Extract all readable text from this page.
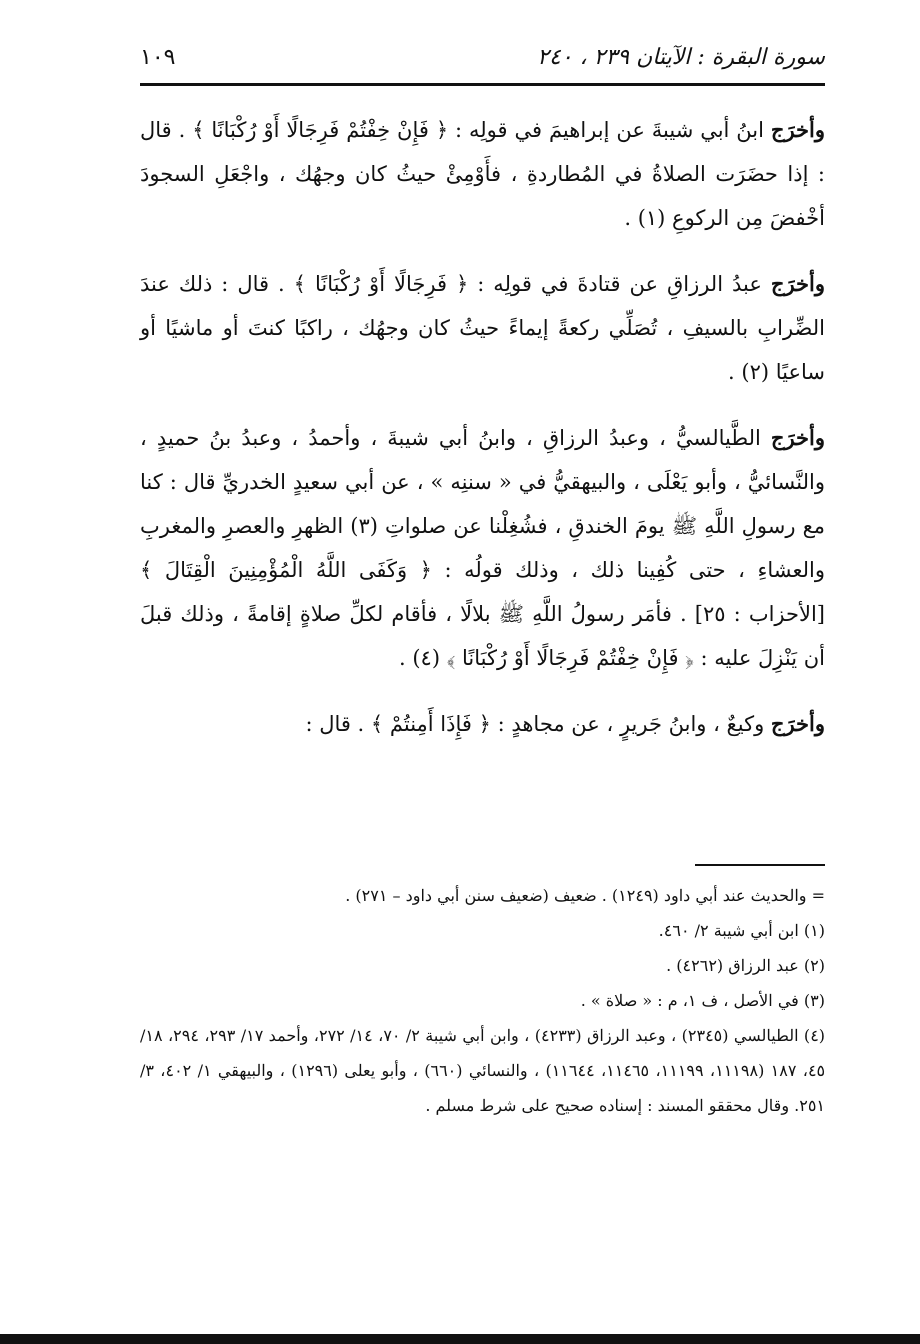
سورة البقرة : الآيتان ٢٣٩ ، ٢٤٠
١٠٩

وأخرَج ابنُ أبي شيبةَ عن إبراهيمَ في قولِه : ﴿ فَإِنْ خِفْتُمْ فَرِجَالًا أَوْ رُكْبَانًا ﴾ . قال : إذا حضَرَت الصلاةُ في المُطاردةِ ، فأَوْمِئْ حيثُ كان وجهُك ، واجْعَلِ السجودَ أخْفضَ مِن الركوعِ (١) .

وأخرَج عبدُ الرزاقِ عن قتادةَ في قولِه : ﴿ فَرِجَالًا أَوْ رُكْبَانًا ﴾ . قال : ذلك عندَ الضِّرابِ بالسيفِ ، تُصَلِّي ركعةً إيماءً حيثُ كان وجهُك ، راكبًا كنتَ أو ماشيًا أو ساعيًا (٢) .

وأخرَج الطَّيالسيُّ ، وعبدُ الرزاقِ ، وابنُ أبي شيبةَ ، وأحمدُ ، وعبدُ بنُ حميدٍ ، والنَّسائيُّ ، وأبو يَعْلَى ، والبيهقيُّ في « سننِه » ، عن أبي سعيدٍ الخدريِّ قال : كنا مع رسولِ اللَّهِ ﷺ يومَ الخندقِ ، فشُغِلْنا عن صلواتِ (٣) الظهرِ والعصرِ والمغربِ والعشاءِ ، حتى كُفِينا ذلك ، وذلك قولُه : ﴿ وَكَفَى اللَّهُ الْمُؤْمِنِينَ الْقِتَالَ ﴾ [الأحزاب : ٢٥] . فأمَر رسولُ اللَّهِ ﷺ بلالًا ، فأقام لكلِّ صلاةٍ إقامةً ، وذلك قبلَ أن يَنْزِلَ عليه : ﴿ فَإِنْ خِفْتُمْ فَرِجَالًا أَوْ رُكْبَانًا ﴾ (٤) .

وأخرَج وكيعٌ ، وابنُ جَريرٍ ، عن مجاهدٍ : ﴿ فَإِذَا أَمِنتُمْ ﴾ . قال :

= والحديث عند أبي داود (١٢٤٩) . ضعيف (ضعيف سنن أبي داود – ٢٧١) .

(١) ابن أبي شيبة ٢/ ٤٦٠.

(٢) عبد الرزاق (٤٢٦٢) .

(٣) في الأصل ، ف ١، م : « صلاة » .

(٤) الطيالسي (٢٣٤٥) ، وعبد الرزاق (٤٢٣٣) ، وابن أبي شيبة ٢/ ٧٠، ١٤/ ٢٧٢، وأحمد ١٧/ ٢٩٣، ٢٩٤، ١٨/ ٤٥، ١٨٧ (١١١٩٨، ١١١٩٩، ١١٤٦٥، ١١٦٤٤) ، والنسائي (٦٦٠) ، وأبو يعلى (١٢٩٦) ، والبيهقي ١/ ٤٠٢، ٣/ ٢٥١. وقال محققو المسند : إسناده صحيح على شرط مسلم .
